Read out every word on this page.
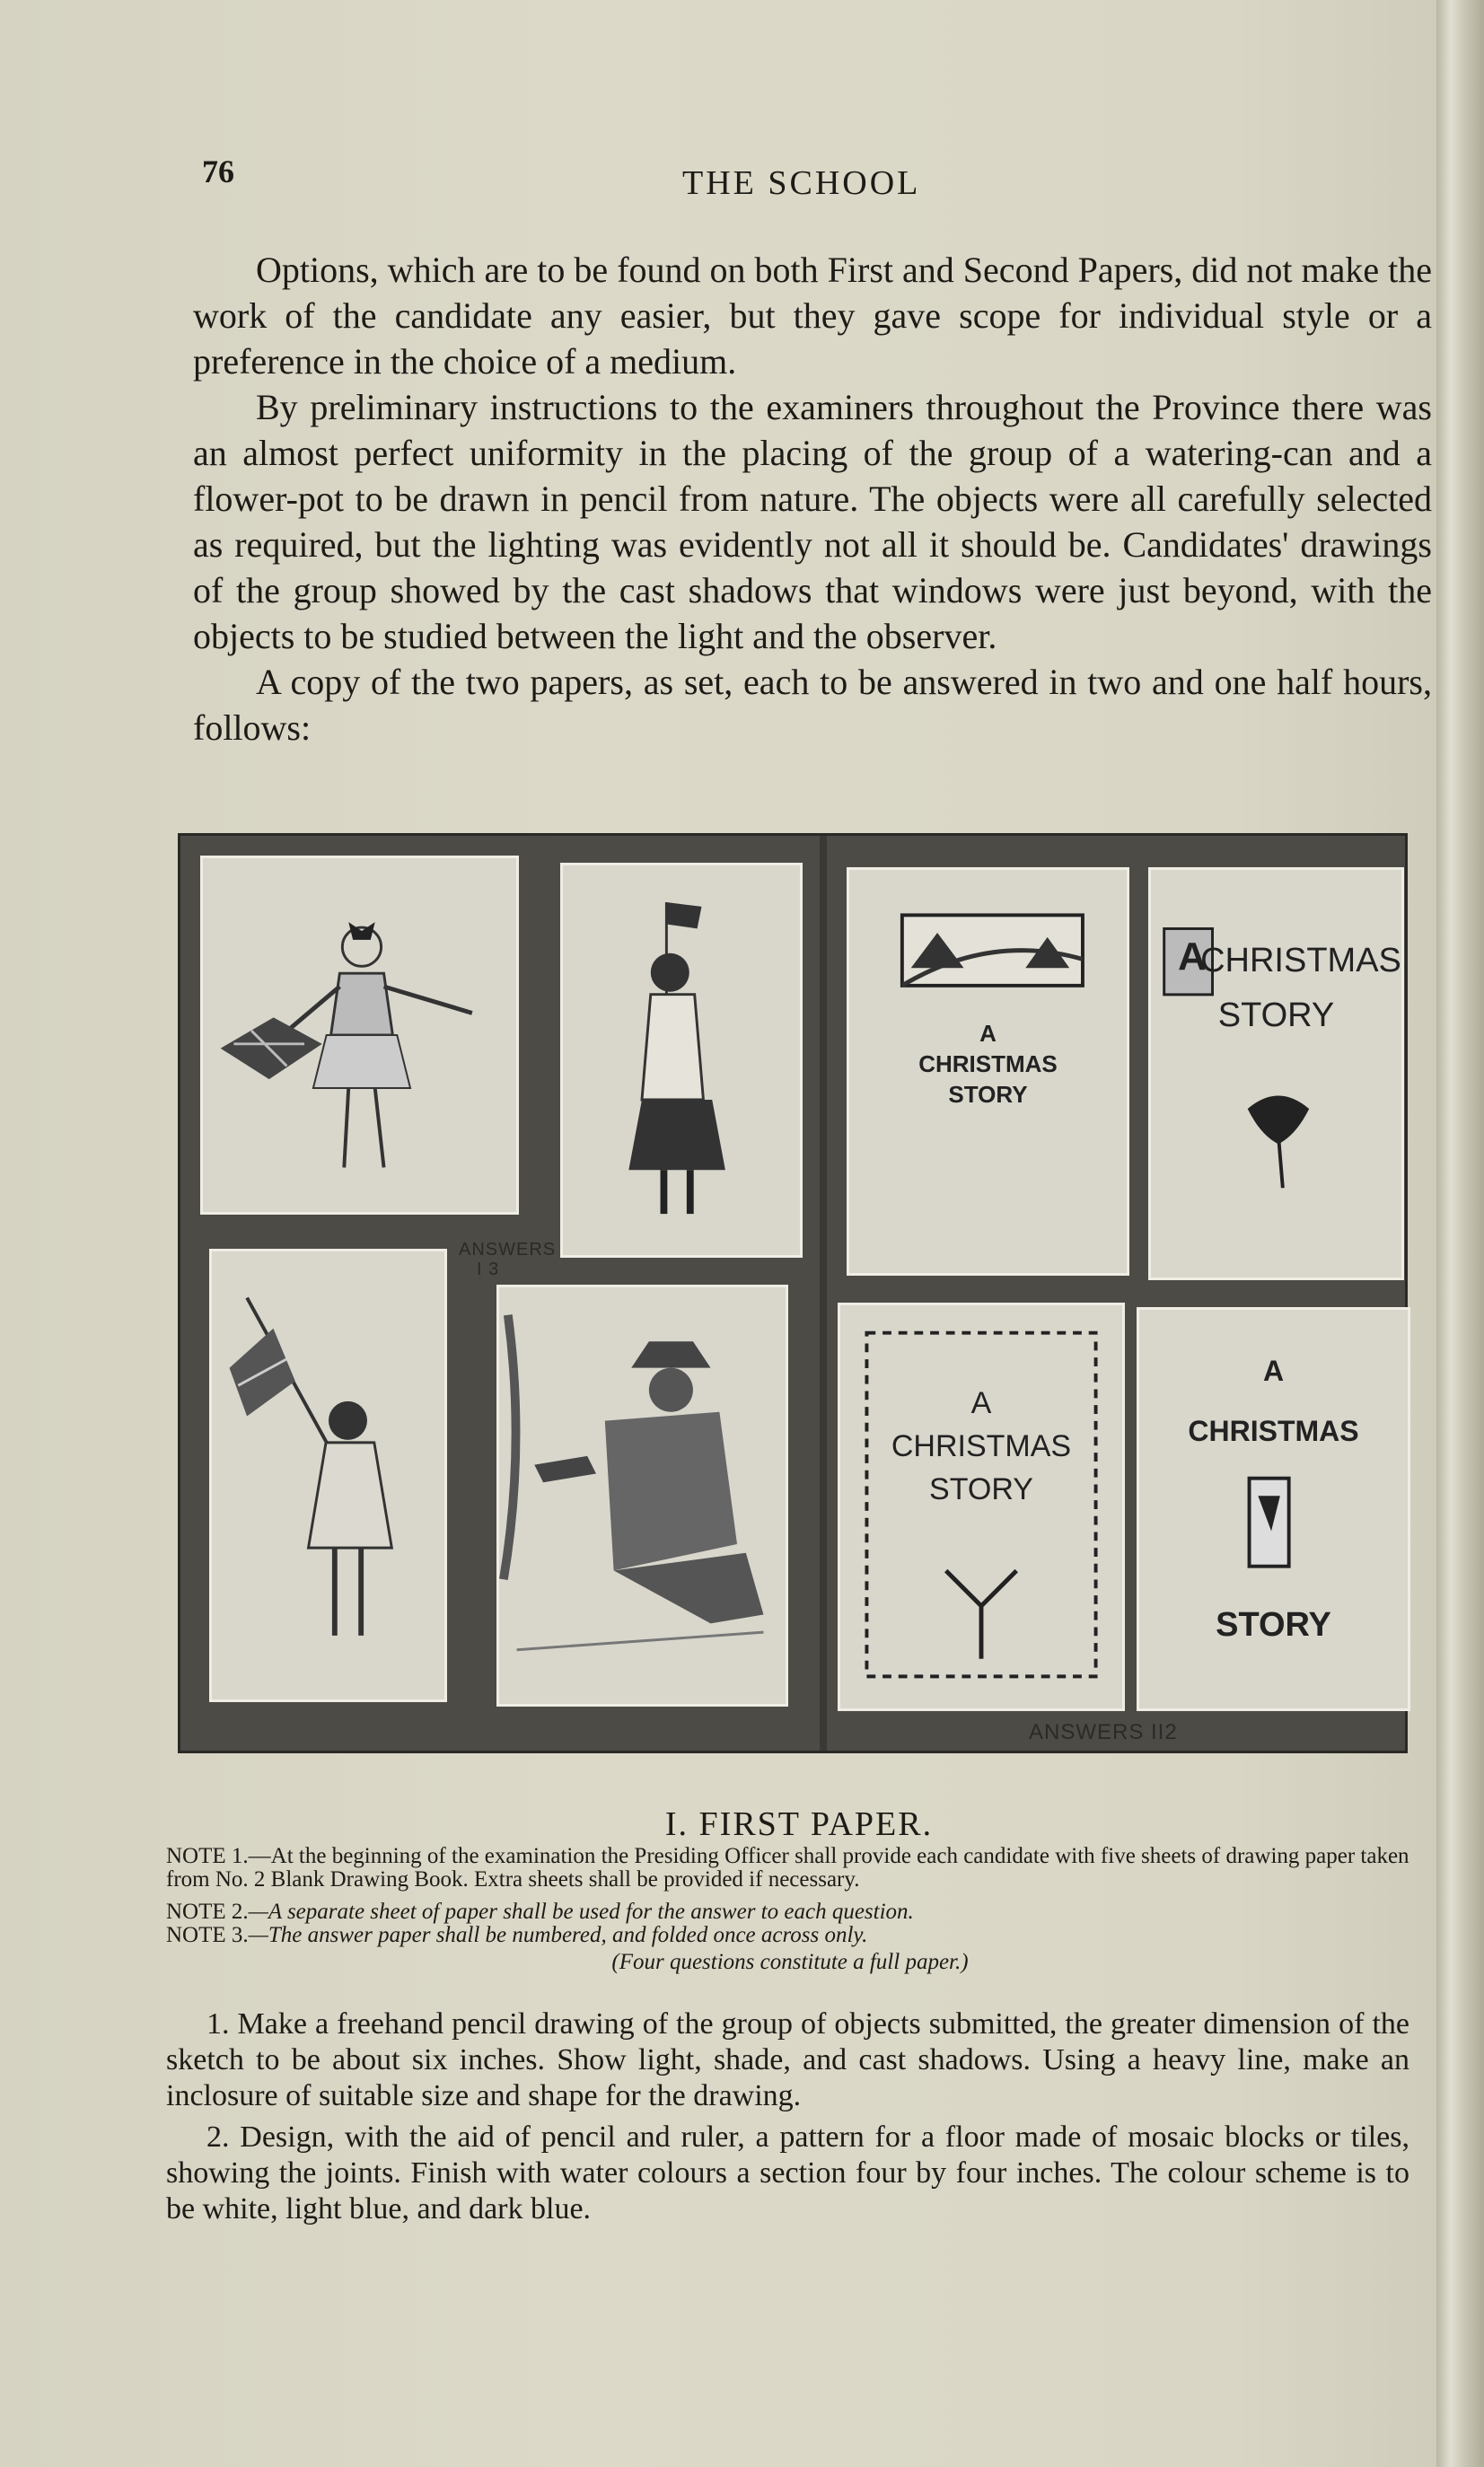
76	THE SCHOOL

Options, which are to be found on both First and Second Papers, did not make the work of the candidate any easier, but they gave scope for individual style or a preference in the choice of a medium.

By preliminary instructions to the examiners throughout the Province there was an almost perfect uniformity in the placing of the group of a watering-can and a flower-pot to be drawn in pencil from nature. The objects were all carefully selected as required, but the lighting was evidently not all it should be. Candidates' drawings of the group showed by the cast shadows that windows were just beyond, with the objects to be studied between the light and the observer.

A copy of the two papers, as set, each to be answered in two and one half hours, follows:

ANSWERS
I 3
A
CHRISTMAS
STORY
A
CHRISTMAS
STORY
A
CHRISTMAS
STORY
A
CHRISTMAS
STORY
ANSWERS II2
I. FIRST PAPER.

NOTE 1.—At the beginning of the examination the Presiding Officer shall provide each candidate with five sheets of drawing paper taken from No. 2 Blank Drawing Book. Extra sheets shall be provided if necessary.

NOTE 2.—A separate sheet of paper shall be used for the answer to each question.

NOTE 3.—The answer paper shall be numbered, and folded once across only.

(Four questions constitute a full paper.)

1. Make a freehand pencil drawing of the group of objects submitted, the greater dimension of the sketch to be about six inches. Show light, shade, and cast shadows. Using a heavy line, make an inclosure of suitable size and shape for the drawing.

2. Design, with the aid of pencil and ruler, a pattern for a floor made of mosaic blocks or tiles, showing the joints. Finish with water colours a section four by four inches. The colour scheme is to be white, light blue, and dark blue.
